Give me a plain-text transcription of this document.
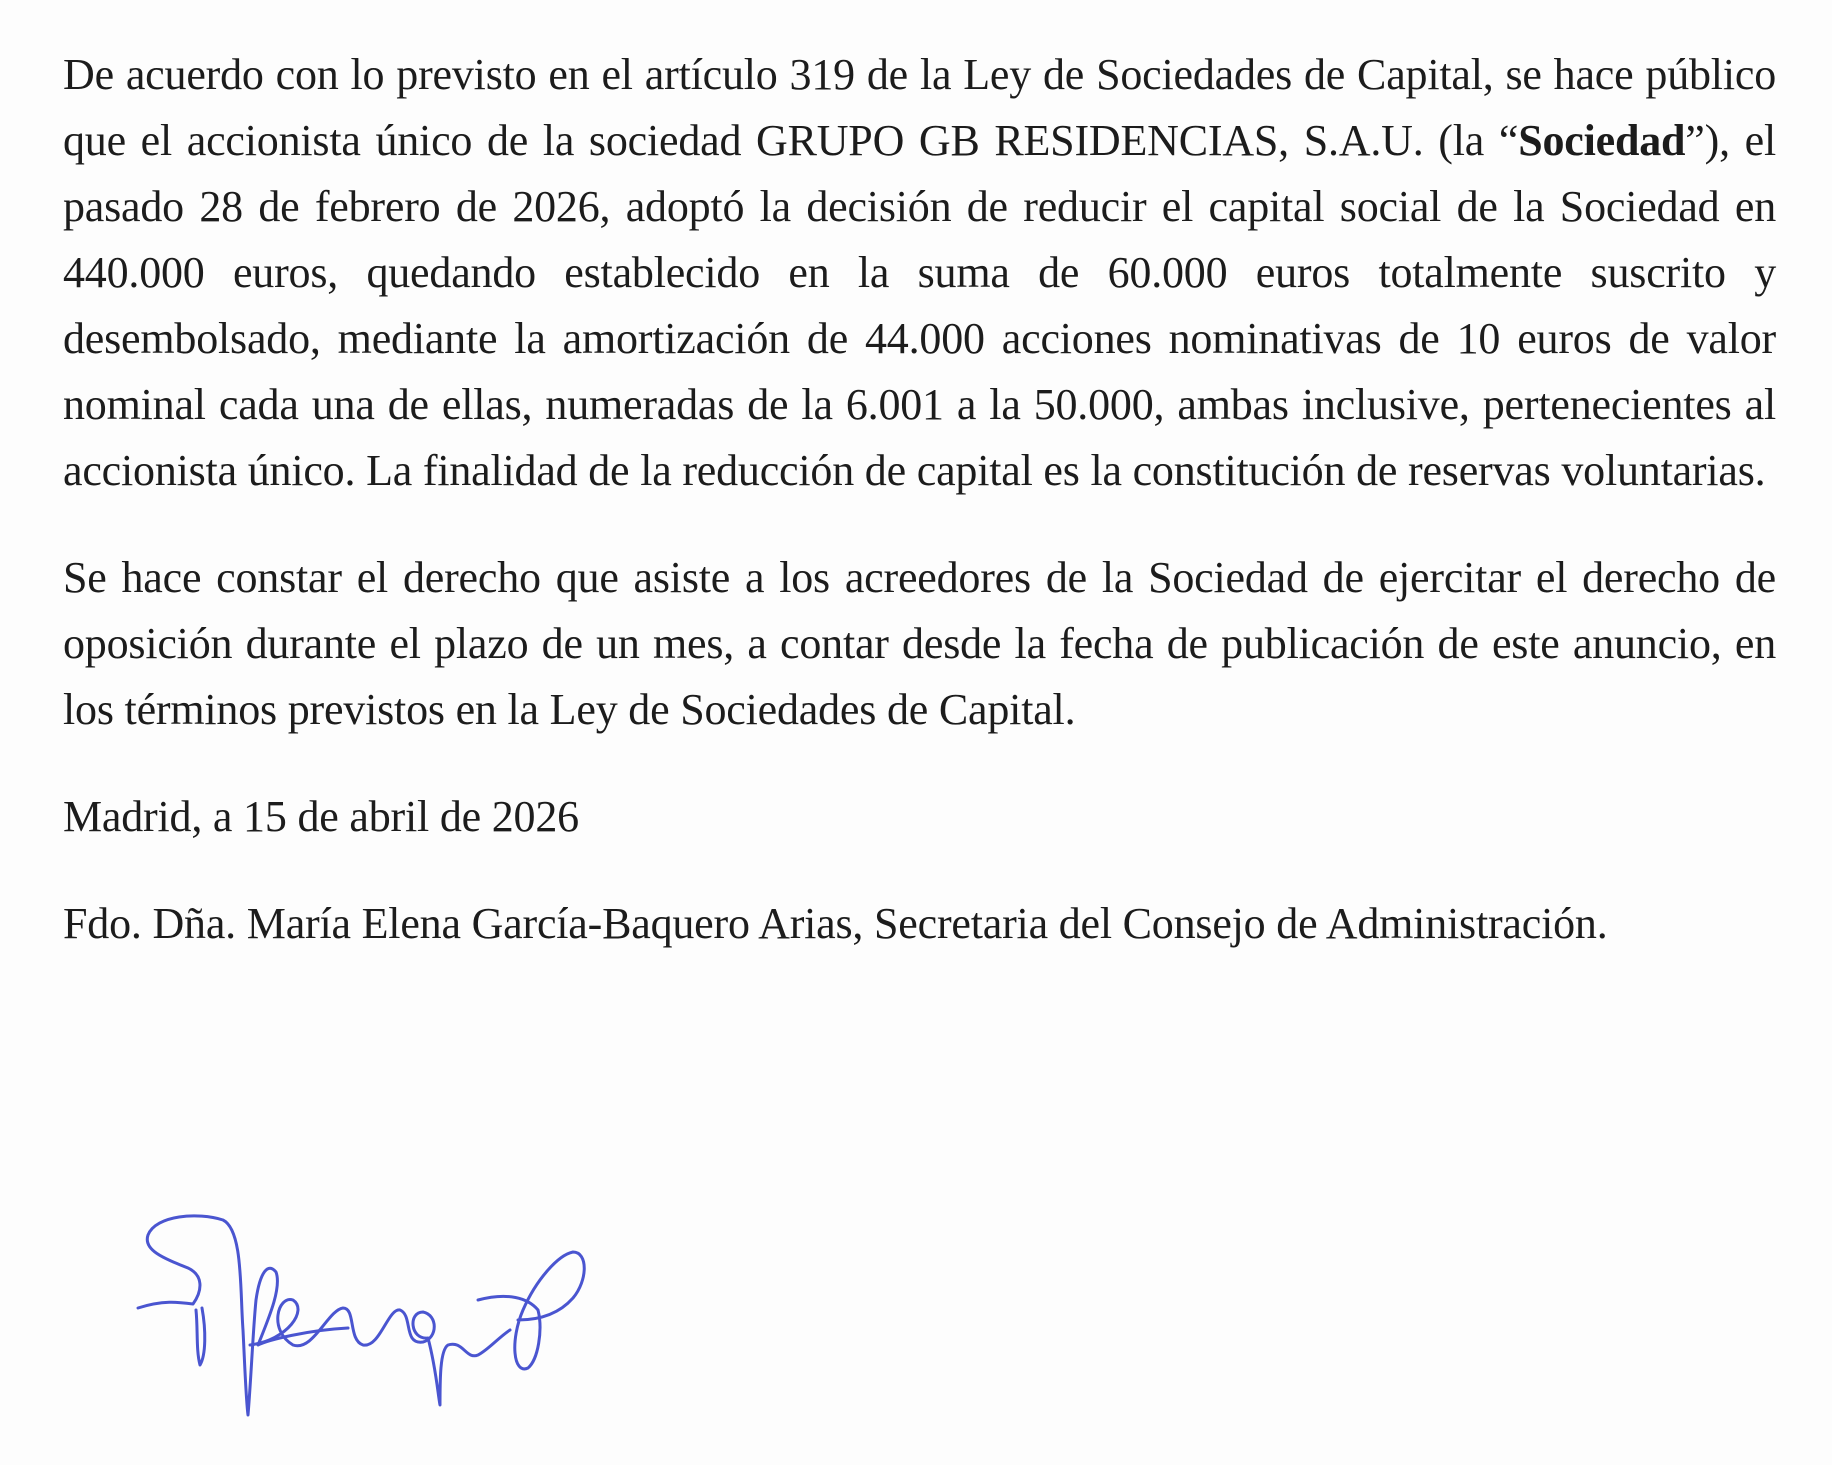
De acuerdo con lo previsto en el artículo 319 de la Ley de Sociedades de Capital, se hace público que el accionista único de la sociedad GRUPO GB RESIDENCIAS, S.A.U. (la “Sociedad”), el pasado 28 de febrero de 2026, adoptó la decisión de reducir el capital social de la Sociedad en 440.000 euros, quedando establecido en la suma de 60.000 euros totalmente suscrito y desembolsado, mediante la amortización de 44.000 acciones nominativas de 10 euros de valor nominal cada una de ellas, numeradas de la 6.001 a la 50.000, ambas inclusive, pertenecientes al accionista único. La finalidad de la reducción de capital es la constitución de reservas voluntarias.

Se hace constar el derecho que asiste a los acreedores de la Sociedad de ejercitar el derecho de oposición durante el plazo de un mes, a contar desde la fecha de publicación de este anuncio, en los términos previstos en la Ley de Sociedades de Capital.

Madrid, a 15 de abril de 2026

Fdo. Dña. María Elena García-Baquero Arias, Secretaria del Consejo de Administración.
